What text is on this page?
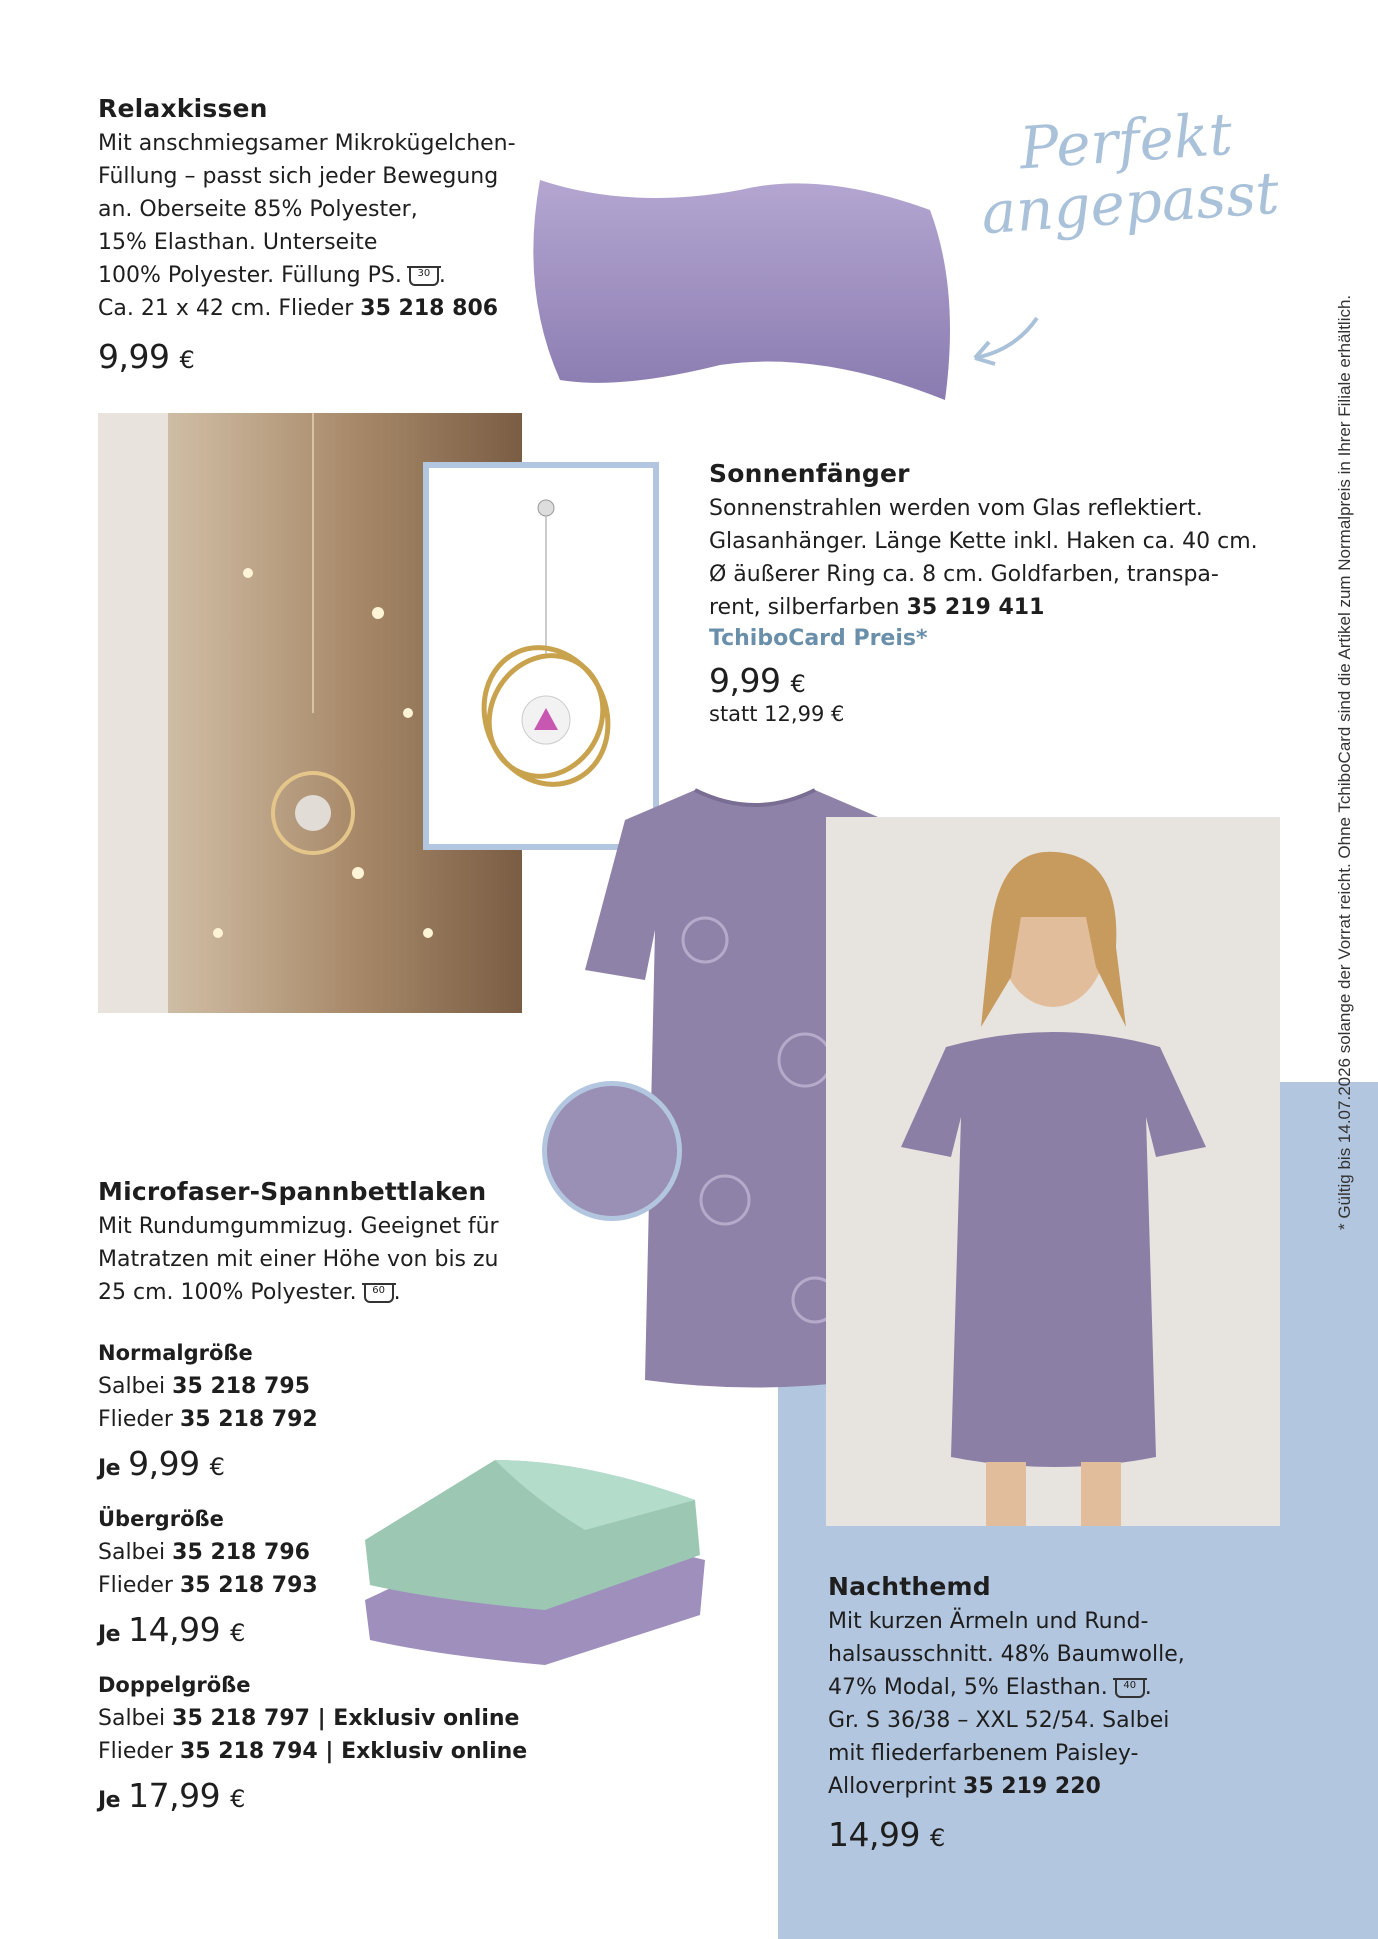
* Gültig bis 14.07.2026 solange der Vorrat reicht. Ohne TchiboCard sind die Artikel zum Normalpreis in Ihrer Filiale erhältlich.
Relaxkissen
Mit anschmiegsamer Mikrokügelchen-
Füllung – passt sich jeder Bewegung
an. Oberseite 85% Polyester,
15% Elasthan. Unterseite
100% Polyester. Füllung PS. 30 .
Ca. 21 x 42 cm. Flieder 35 218 806
9,99 €
Perfekt
angepasst
Sonnenfänger
Sonnenstrahlen werden vom Glas reflektiert.
Glasanhänger. Länge Kette inkl. Haken ca. 40 cm.
Ø äußerer Ring ca. 8 cm. Goldfarben, transpa-
rent, silberfarben 35 219 411
TchiboCard Preis*
9,99 €
statt 12,99 €
Microfaser-Spannbettlaken
Mit Rundumgummizug. Geeignet für
Matratzen mit einer Höhe von bis zu
25 cm. 100% Polyester. 60 .
Normalgröße
Salbei 35 218 795
Flieder 35 218 792
Je 9,99 €
Übergröße
Salbei 35 218 796
Flieder 35 218 793
Je 14,99 €
Doppelgröße
Salbei 35 218 797 | Exklusiv online
Flieder 35 218 794 | Exklusiv online
Je 17,99 €
Nachthemd
Mit kurzen Ärmeln und Rund-
halsausschnitt. 48% Baumwolle,
47% Modal, 5% Elasthan. 40 .
Gr. S 36/38 – XXL 52/54. Salbei
mit fliederfarbenem Paisley-
Alloverprint 35 219 220
14,99 €
